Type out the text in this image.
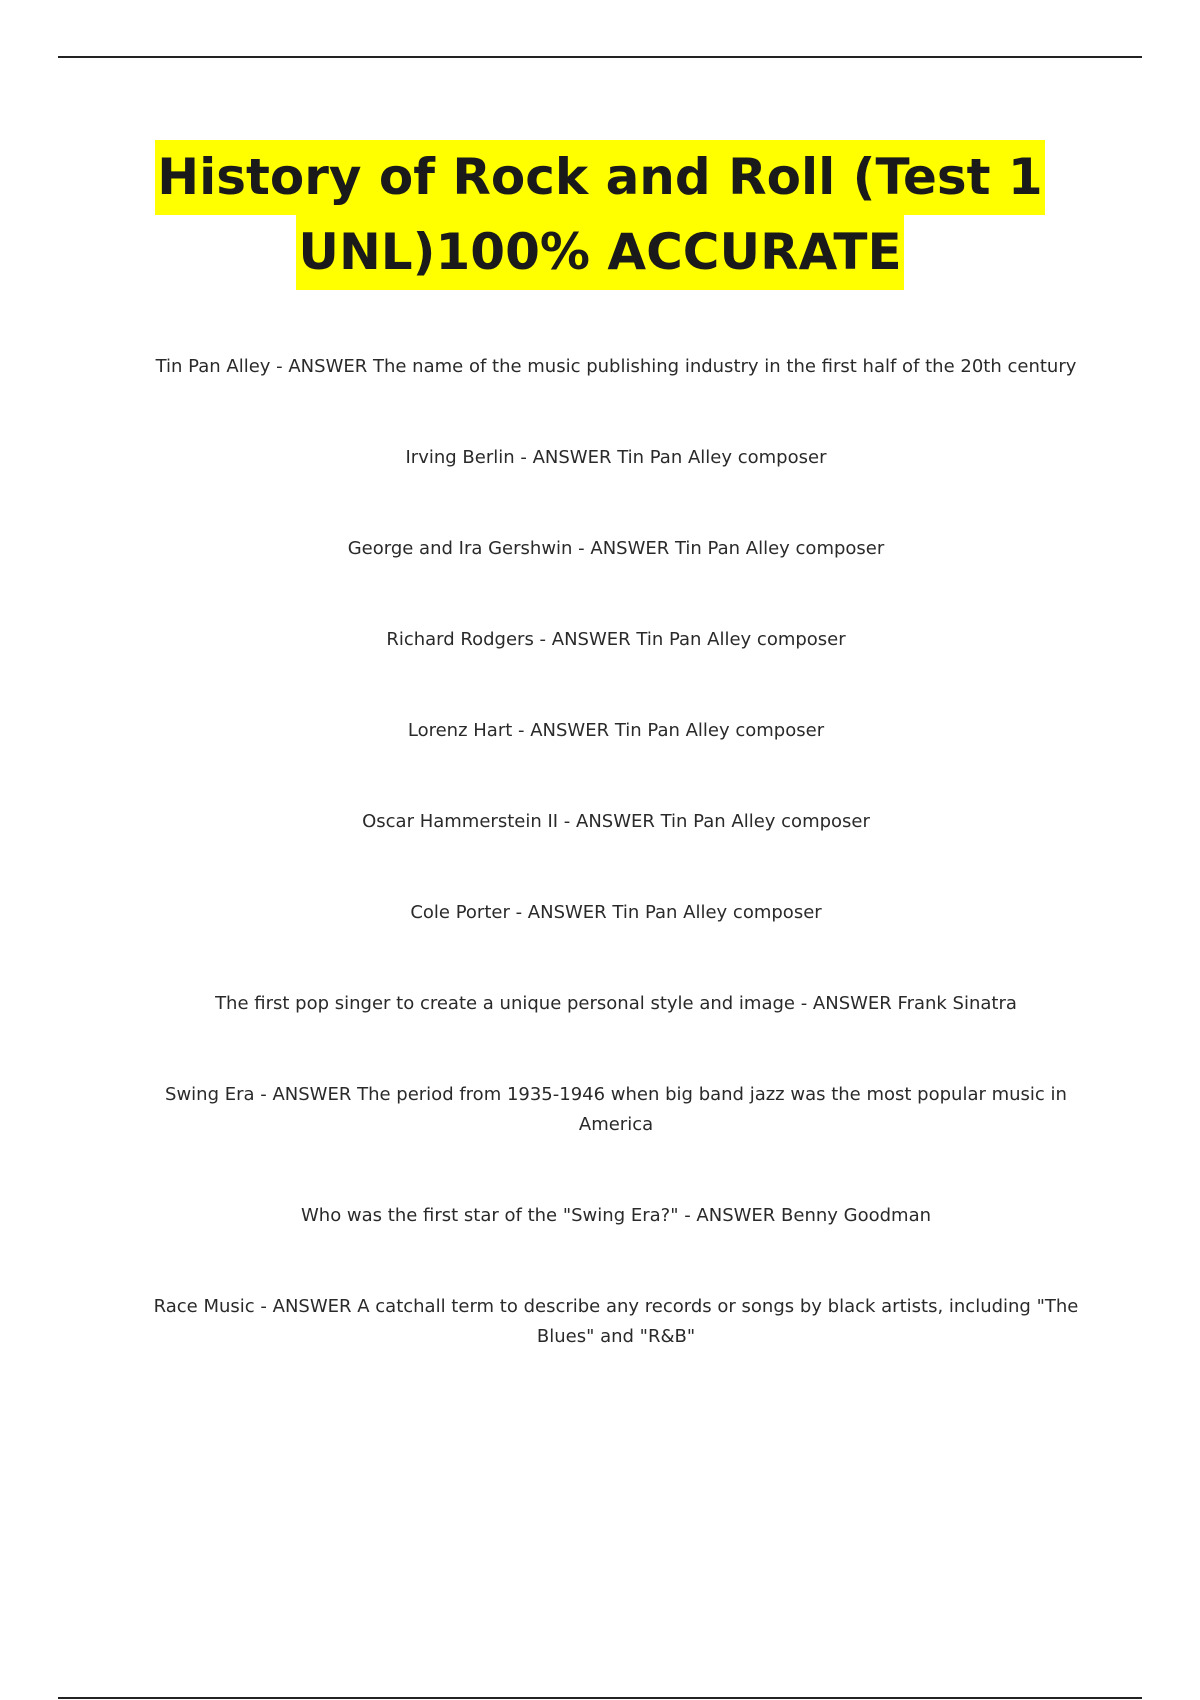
History of Rock and Roll (Test 1
UNL)100% ACCURATE

Tin Pan Alley - ANSWER The name of the music publishing industry in the first half of the 20th century

Irving Berlin - ANSWER Tin Pan Alley composer

George and Ira Gershwin - ANSWER Tin Pan Alley composer

Richard Rodgers - ANSWER Tin Pan Alley composer

Lorenz Hart - ANSWER Tin Pan Alley composer

Oscar Hammerstein II - ANSWER Tin Pan Alley composer

Cole Porter - ANSWER Tin Pan Alley composer

The first pop singer to create a unique personal style and image - ANSWER Frank Sinatra

Swing Era - ANSWER The period from 1935-1946 when big band jazz was the most popular music in America

Who was the first star of the "Swing Era?" - ANSWER Benny Goodman

Race Music - ANSWER A catchall term to describe any records or songs by black artists, including "The Blues" and "R&B"
